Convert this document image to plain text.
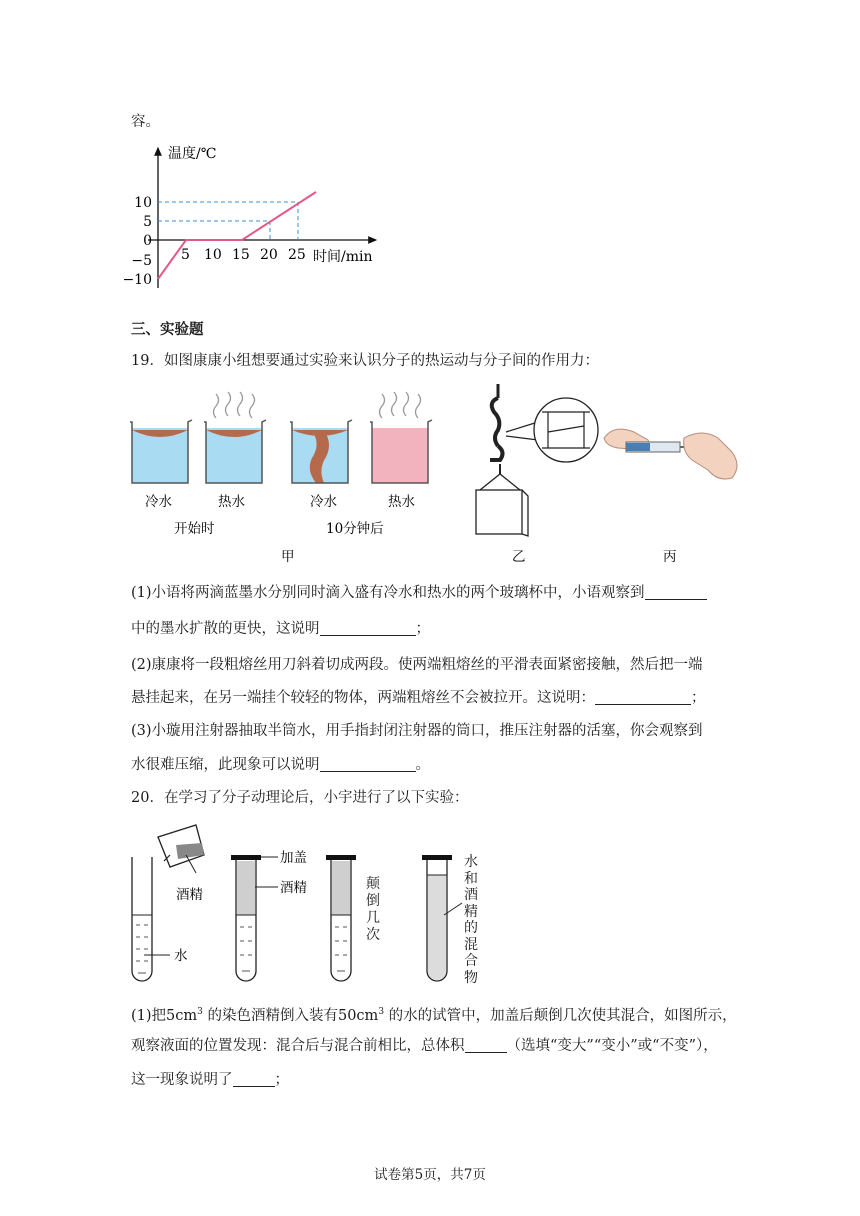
容。
温度/℃
时间/min
5 10 15 20 25
10
5
0
−5
−10
三、实验题
19．如图康康小组想要通过实验来认识分子的热运动与分子间的作用力：
冷水	热水	冷水	热水
开始时	10分钟后
甲	乙	丙
(1)小语将两滴蓝墨水分别同时滴入盛有冷水和热水的两个玻璃杯中，小语观察到
中的墨水扩散的更快，这说明	；
(2)康康将一段粗熔丝用刀斜着切成两段。使两端粗熔丝的平滑表面紧密接触，然后把一端
悬挂起来，在另一端挂个较轻的物体，两端粗熔丝不会被拉开。这说明：	；
(3)小璇用注射器抽取半筒水，用手指封闭注射器的筒口，推压注射器的活塞，你会观察到
水很难压缩，此现象可以说明	。
20．在学习了分子动理论后，小宇进行了以下实验：
酒精
水
加盖
酒精	颠倒几次
水和酒精的混合物
(1)把$5cm^3$ 的染色酒精倒入装有$50cm^3$ 的水的试管中，加盖后颠倒几次使其混合，如图所示，
观察液面的位置发现：混合后与混合前相比，总体积	（选填“变大”“变小”或“不变”），
这一现象说明了	；
试卷第5页，共7页
